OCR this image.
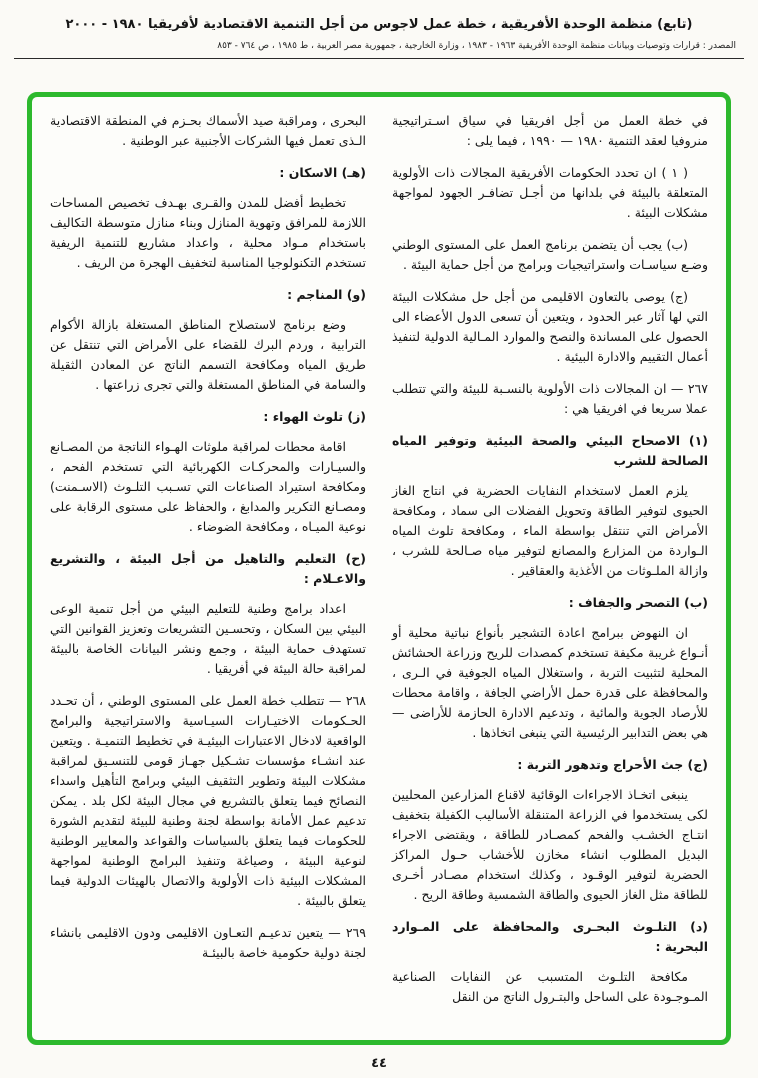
(تابع) منظمة الوحدة الأفريقية ، خطة عمل لاجوس من أجل التنمية الاقتصادية لأفريقيا ١٩٨٠ - ٢٠٠٠
المصدر : قرارات وتوصيات وبيانات منظمة الوحدة الأفريقية ١٩٦٣ - ١٩٨٣ ، وزارة الخارجية ، جمهورية مصر العربية ، ط ١٩٨٥ ، ص ٧٦٤ - ٨٥٣

في خطة العمل من أجل افريقيا في سياق اسـتراتيجية منروفيا لعقد التنمية ١٩٨٠ — ١٩٩٠ ، فيما يلى :

( ١ ) ان تحدد الحكومات الأفريقية المجالات ذات الأولوية المتعلقة بالبيئة في بلدانها من أجـل تضافـر الجهود لمواجهة مشكلات البيئة .

(ب) يجب أن يتضمن برنامج العمل على المستوى الوطني وضـع سياسـات واستراتيجيات وبرامج من أجل حماية البيئة .

(ج) يوصى بالتعاون الاقليمى من أجل حل مشكلات البيئة التي لها آثار عبر الحدود ، ويتعين أن تسعى الدول الأعضاء الى الحصول على المساندة والنصح والموارد المـالية الدولية لتنفيذ أعمال التقييم والادارة البيئية .

٢٦٧ — ان المجالات ذات الأولوية بالنسـبة للبيئة والتي تتطلب عملا سريعا في افريقيا هي :

(١) الاصحاح البيئي والصحة البيئية وتوفير المياه الصالحة للشرب

يلزم العمل لاستخدام النفايات الحضرية في انتاج الغاز الحيوى لتوفير الطاقة وتحويل الفضلات الى سماد ، ومكافحة الأمراض التي تنتقل بواسطة الماء ، ومكافحة تلوث المياه الـواردة من المزارع والمصانع لتوفير مياه صـالحة للشرب ، وازالة الملـوثات من الأغذية والعقاقير .

(ب) التصحر والجفاف :

ان النهوض ببرامج اعادة التشجير بأنواع نباتية محلية أو أنـواع غريبة مكيفة تستخدم كمصدات للريح وزراعة الحشائش المحلية لتثبيت التربة ، واستغلال المياه الجوفية في الـرى ، والمحافظة على قدرة حمل الأراضي الجافة ، واقامة محطات للأرصاد الجوية والمائية ، وتدعيم الادارة الحازمة للأراضى — هي بعض التدابير الرئيسية التي ينبغى اتخاذها .

(ج) جث الأحراج وتدهور التربة :

ينبغى اتخـاذ الاجراءات الوقائية لاقناع المزارعين المحليين لكى يستخدموا في الزراعة المتنقلة الأساليب الكفيلة بتخفيف انتـاج الخشـب والفحم كمصـادر للطاقة ، ويقتضى الاجراء البديل المطلوب انشاء مخازن للأخشاب حـول المراكز الحضرية لتوفير الوقـود ، وكذلك استخدام مصـادر أخـرى للطاقة مثل الغاز الحيوى والطاقة الشمسية وطاقة الريح .

(د) التلـوث البحـرى والمحافظة على المـوارد البحرية :

مكافحة التلـوث المتسبب عن النفايات الصناعية المـوجـودة على الساحل والبتـرول الناتج من النقل

البحرى ، ومراقبة صيد الأسماك بحـزم في المنطقة الاقتصادية الـذى تعمل فيها الشركات الأجنبية عبر الوطنية .

(هـ) الاسكان :

تخطيط أفضل للمدن والقـرى بهـدف تخصيص المساحات اللازمة للمرافق وتهوية المنازل وبناء منازل متوسطة التكاليف باستخدام مـواد محلية ، واعداد مشاريع للتنمية الريفية تستخدم التكنولوجيا المناسبة لتخفيف الهجرة من الريف .

(و) المناجم :

وضع برنامج لاستصلاح المناطق المستغلة بازالة الأكوام الترابية ، وردم البرك للقضاء على الأمراض التي تنتقل عن طريق المياه ومكافحة التسمم الناتج عن المعادن الثقيلة والسامة في المناطق المستغلة والتي تجرى زراعتها .

(ز) تلوث الهواء :

اقامة محطات لمراقبة ملوثات الهـواء الناتجة من المصـانع والسيـارات والمحركـات الكهربائية التي تستخدم الفحم ، ومكافحة استيراد الصناعات التي تسـبب التلـوث (الاسـمنت) ومصـانع التكرير والمدابغ ، والحفاظ على مستوى الرقابة على نوعية الميـاه ، ومكافحة الضوضاء .

(ح) التعليم والتاهيل من أجل البيئة ، والتشريع والاعـلام :

اعداد برامج وطنية للتعليم البيئي من أجل تنمية الوعى البيئي بين السكان ، وتحسـين التشريعات وتعزيز القوانين التي تستهدف حماية البيئة ، وجمع ونشر البيانات الخاصة بالبيئة لمراقبة حالة البيئة في أفريقيا .

٢٦٨ — تتطلب خطة العمل على المستوى الوطني ، أن تحـدد الحـكومات الاختيـارات السيـاسية والاستراتيجية والبرامج الواقعية لادخال الاعتبارات البيئيـة في تخطيط التنميـة . ويتعين عند انشـاء مؤسسات تشـكيل جهـاز قومى للتنسـيق لمراقبة مشكلات البيئة وتطوير التثقيف البيئي وبرامج التأهيل واسداء النصائح فيما يتعلق بالتشريع في مجال البيئة لكل بلد . يمكن تدعيم عمل الأمانة بواسطة لجنة وطنية للبيئة لتقديم الشورة للحكومات فيما يتعلق بالسياسات والقواعد والمعايير الوطنية لنوعية البيئة ، وصياغة وتنفيذ البرامج الوطنية لمواجهة المشكلات البيئية ذات الأولوية والاتصال بالهيئات الدولية فيما يتعلق بالبيئة .

٢٦٩ — يتعين تدعيـم التعـاون الاقليمى ودون الاقليمى بانشاء لجنة دولية حكومية خاصة بالبيئـة

٤٤
